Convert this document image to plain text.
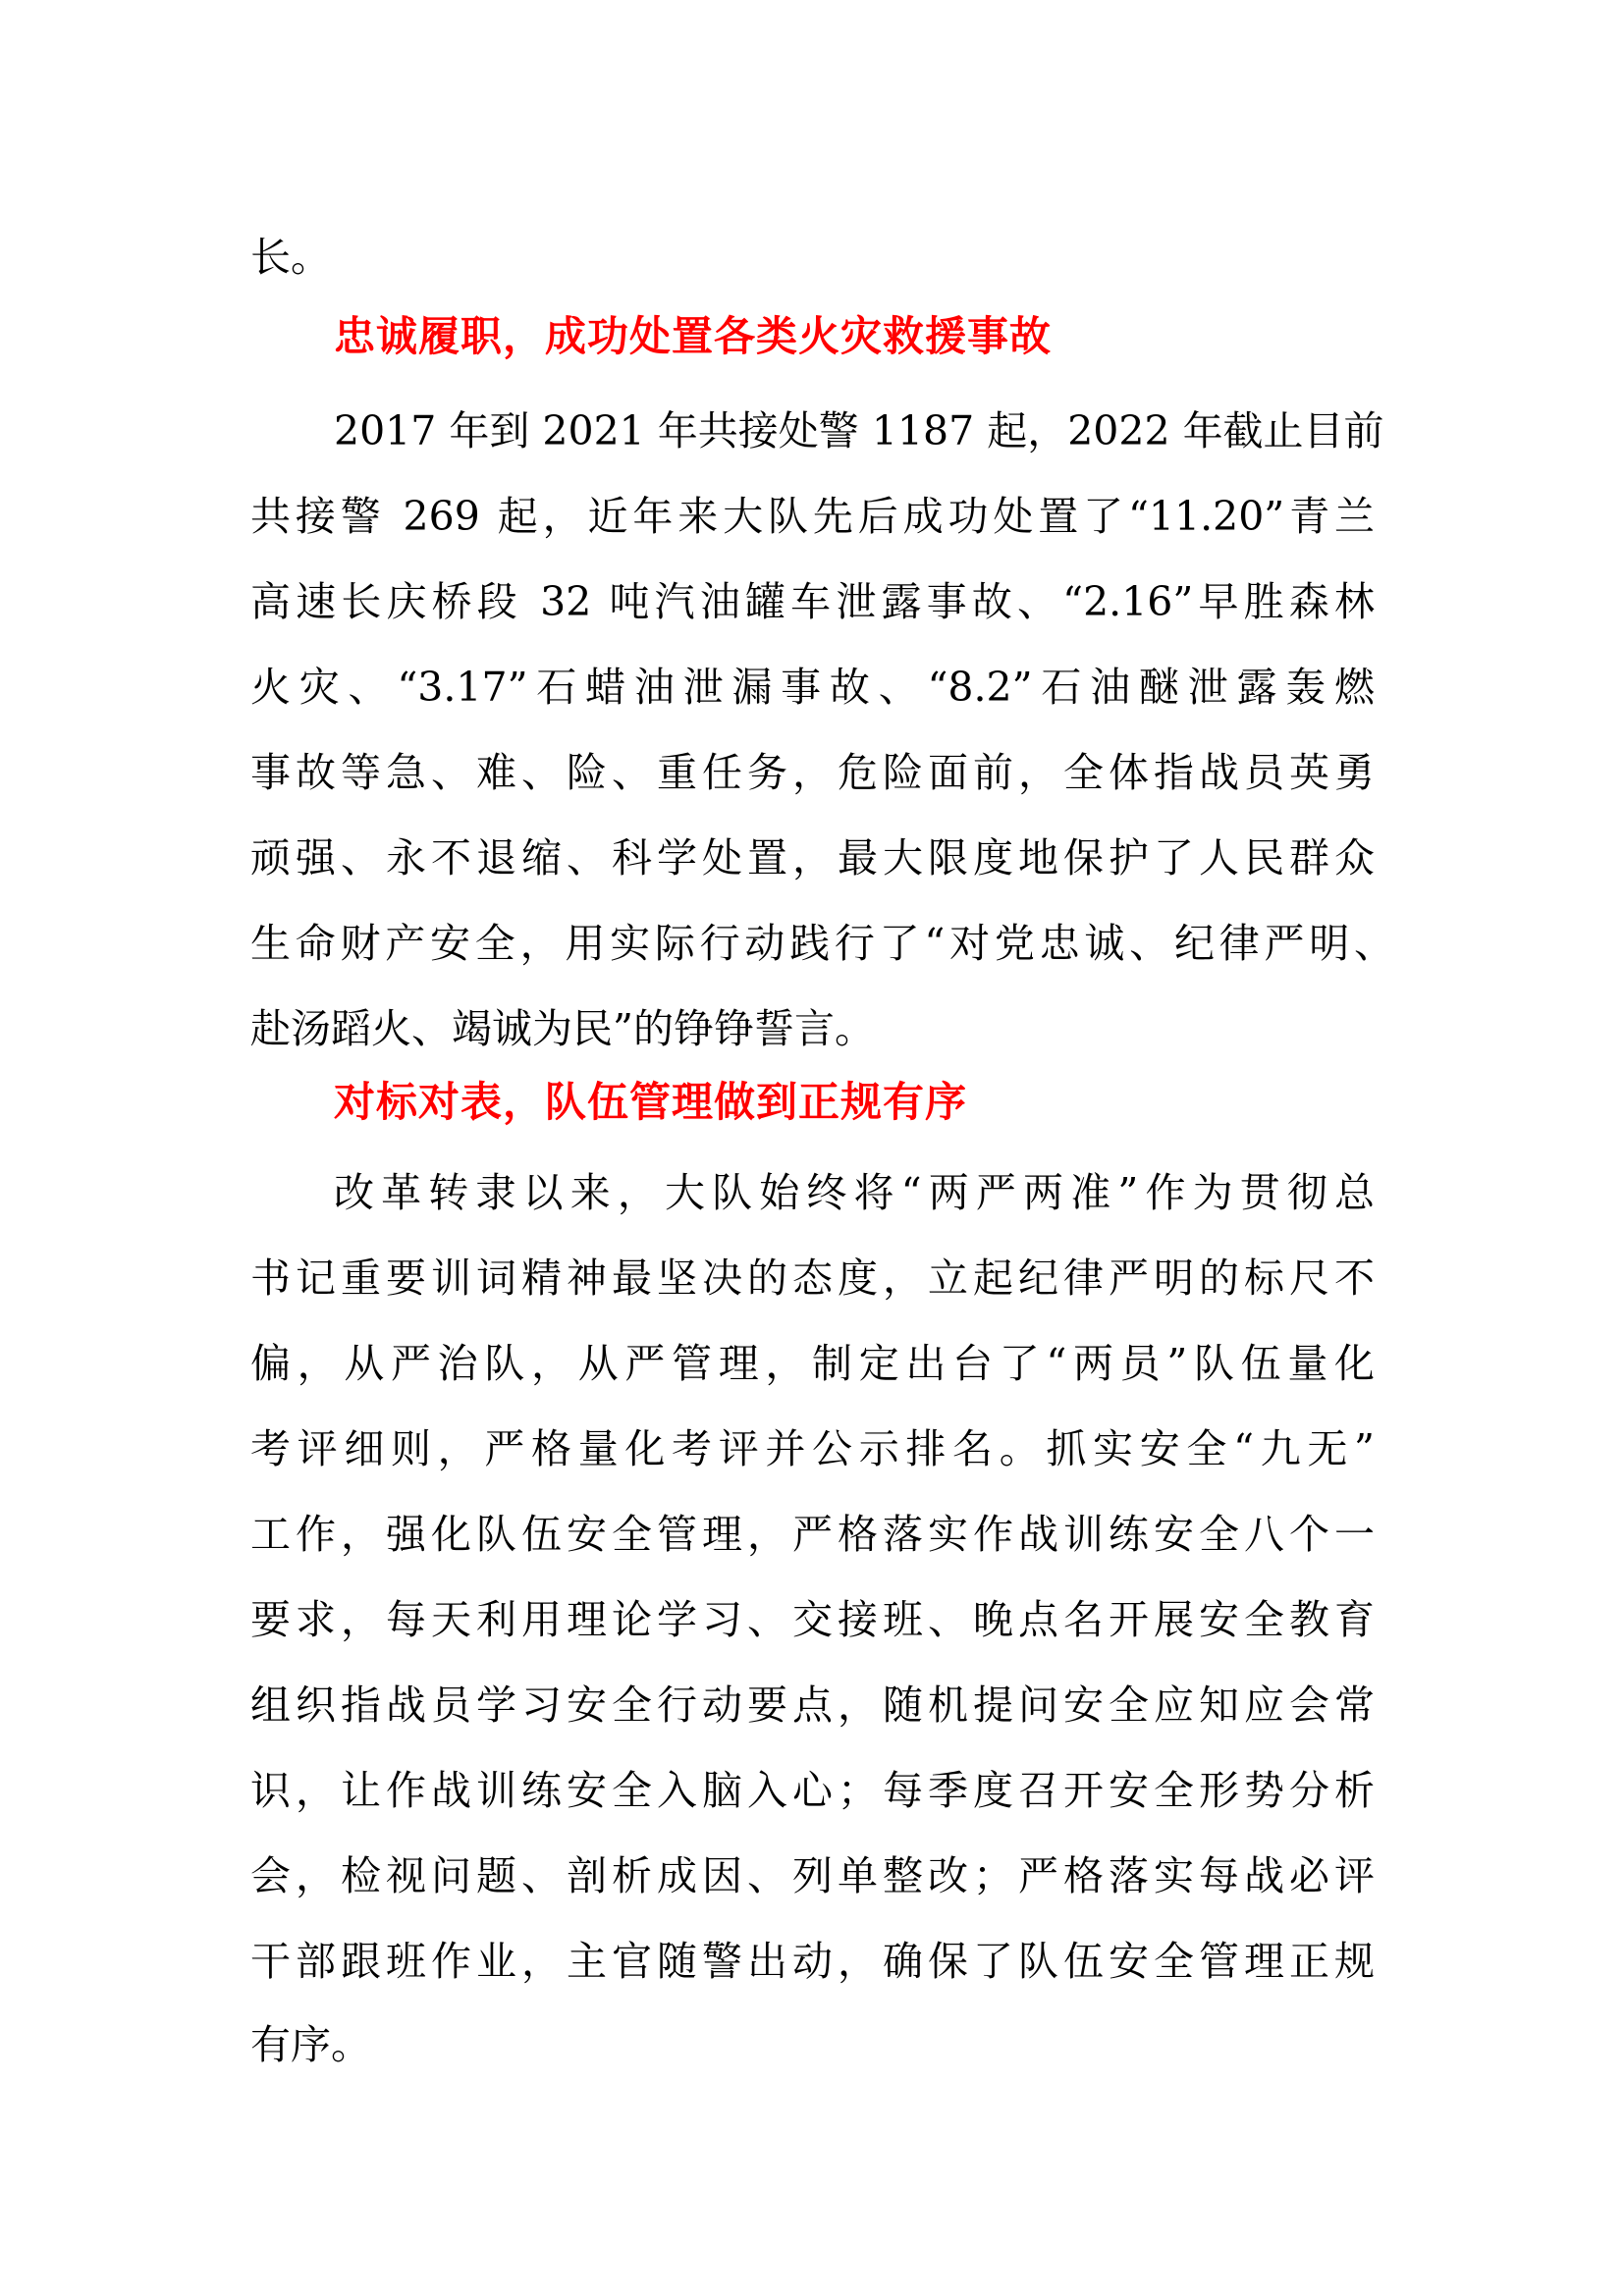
长。
忠诚履职，成功处置各类火灾救援事故
2017 年到 2021 年共接处警 1187 起，2022 年截止目前
共接警 269 起，近年来大队先后成功处置了“11.20”青兰
高速长庆桥段 32 吨汽油罐车泄露事故、“2.16”早胜森林
火灾、“3.17”石蜡油泄漏事故、“8.2”石油醚泄露轰燃
事故等急、难、险、重任务，危险面前，全体指战员英勇
顽强、永不退缩、科学处置，最大限度地保护了人民群众
生命财产安全，用实际行动践行了“对党忠诚、纪律严明、
赴汤蹈火、竭诚为民”的铮铮誓言。
对标对表，队伍管理做到正规有序
改革转隶以来，大队始终将“两严两准”作为贯彻总
书记重要训词精神最坚决的态度，立起纪律严明的标尺不
偏，从严治队，从严管理，制定出台了“两员”队伍量化
考评细则，严格量化考评并公示排名。抓实安全“九无”
工作，强化队伍安全管理，严格落实作战训练安全八个一
要求，每天利用理论学习、交接班、晚点名开展安全教育
组织指战员学习安全行动要点，随机提问安全应知应会常
识，让作战训练安全入脑入心；每季度召开安全形势分析
会，检视问题、剖析成因、列单整改；严格落实每战必评
干部跟班作业，主官随警出动，确保了队伍安全管理正规
有序。
